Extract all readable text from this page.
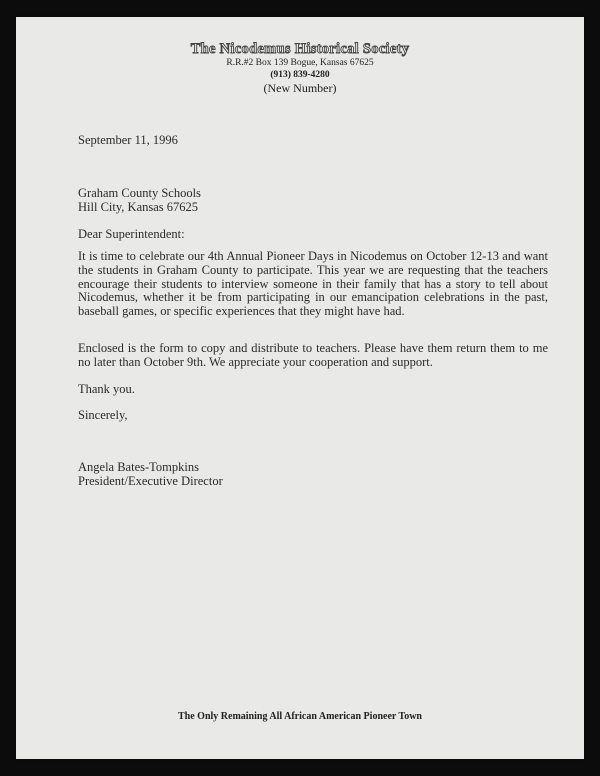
The Nicodemus Historical Society
R.R.#2 Box 139 Bogue, Kansas 67625
(913) 839-4280
(New Number)
September 11, 1996
Graham County Schools
Hill City, Kansas 67625
Dear Superintendent:
It is time to celebrate our 4th Annual Pioneer Days in Nicodemus on October 12-13 and want the students in Graham County to participate. This year we are requesting that the teachers encourage their students to interview someone in their family that has a story to tell about Nicodemus, whether it be from participating in our emancipation celebrations in the past, baseball games, or specific experiences that they might have had.
Enclosed is the form to copy and distribute to teachers. Please have them return them to me no later than October 9th. We appreciate your cooperation and support.
Thank you.
Sincerely,
Angela Bates-Tompkins
President/Executive Director
The Only Remaining All African American Pioneer Town
